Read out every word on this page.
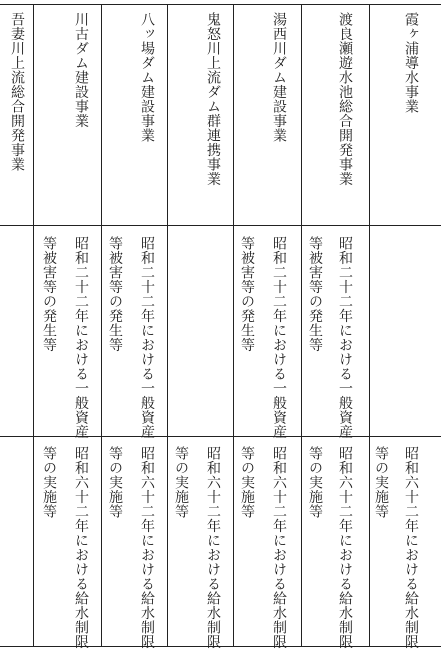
霞ヶ浦導水事業
昭和六十二年における給水制限
等の実施等
渡良瀬遊水池総合開発事業
昭和二十二年における一般資産
等被害等の発生等
昭和六十二年における給水制限
等の実施等
湯西川ダム建設事業
昭和二十二年における一般資産
等被害等の発生等
昭和六十二年における給水制限
等の実施等
鬼怒川上流ダム群連携事業
昭和六十二年における給水制限
等の実施等
八ッ場ダム建設事業
昭和二十二年における一般資産
等被害等の発生等
昭和六十二年における給水制限
等の実施等
川古ダム建設事業
昭和二十二年における一般資産
等被害等の発生等
昭和六十二年における給水制限
等の実施等
吾妻川上流総合開発事業
